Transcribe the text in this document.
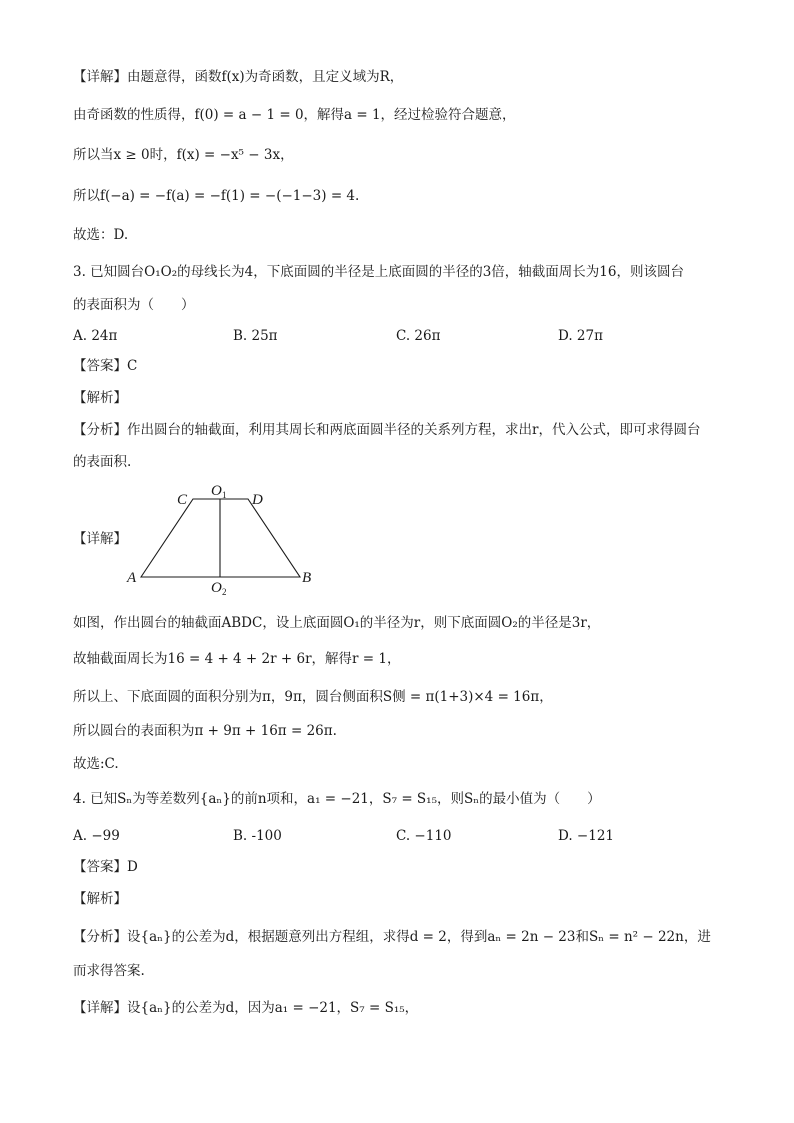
【详解】由题意得，函数f(x)为奇函数，且定义域为R，
由奇函数的性质得，f(0) = a − 1 = 0，解得a = 1，经过检验符合题意，
所以当x ≥ 0时，f(x) = −x⁵ − 3x，
所以f(−a) = −f(a) = −f(1) = −(−1−3) = 4.
故选：D.
3. 已知圆台O₁O₂的母线长为4，下底面圆的半径是上底面圆的半径的3倍，轴截面周长为16，则该圆台
的表面积为（　　）
A. 24π	B. 25π	C. 26π	D. 27π
【答案】C
【解析】
【分析】作出圆台的轴截面，利用其周长和两底面圆半径的关系列方程，求出r，代入公式，即可求得圆台
的表面积.
【详解】
C	D
A	B
O 1
O 2
如图，作出圆台的轴截面ABDC，设上底面圆O₁的半径为r，则下底面圆O₂的半径是3r，
故轴截面周长为16 = 4 + 4 + 2r + 6r，解得r = 1，
所以上、下底面圆的面积分别为π，9π，圆台侧面积S侧 = π(1+3)×4 = 16π，
所以圆台的表面积为π + 9π + 16π = 26π.
故选:C.
4. 已知Sₙ为等差数列{aₙ}的前n项和，a₁ = −21，S₇ = S₁₅，则Sₙ的最小值为（　　）
A. −99	B. -100	C. −110	D. −121
【答案】D
【解析】
【分析】设{aₙ}的公差为d，根据题意列出方程组，求得d = 2，得到aₙ = 2n − 23和Sₙ = n² − 22n，进
而求得答案.
【详解】设{aₙ}的公差为d，因为a₁ = −21，S₇ = S₁₅，
